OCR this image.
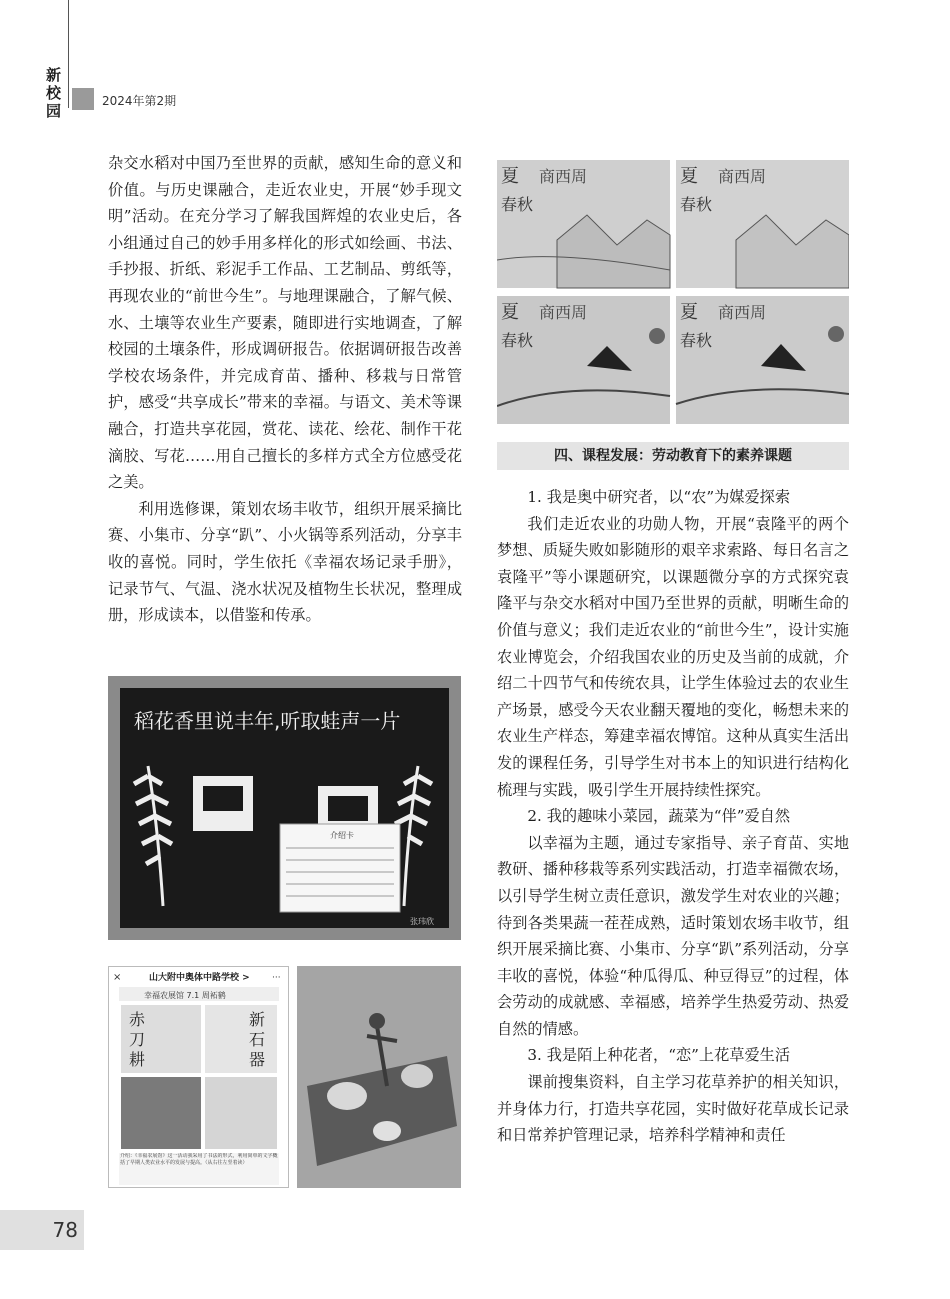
新
校
园
2024年第2期

杂交水稻对中国乃至世界的贡献，感知生命的意义和价值。与历史课融合，走近农业史，开展“妙手现文明”活动。在充分学习了解我国辉煌的农业史后，各小组通过自己的妙手用多样化的形式如绘画、书法、手抄报、折纸、彩泥手工作品、工艺制品、剪纸等，再现农业的“前世今生”。与地理课融合，了解气候、水、土壤等农业生产要素，随即进行实地调查，了解校园的土壤条件，形成调研报告。依据调研报告改善学校农场条件，并完成育苗、播种、移栽与日常管护，感受“共享成长”带来的幸福。与语文、美术等课融合，打造共享花园，赏花、读花、绘花、制作干花滴胶、写花……用自己擅长的多样方式全方位感受花之美。

利用选修课，策划农场丰收节，组织开展采摘比赛、小集市、分享“趴”、小火锅等系列活动，分享丰收的喜悦。同时，学生依托《幸福农场记录手册》，记录节气、气温、浇水状况及植物生长状况，整理成册，形成读本，以借鉴和传承。

夏 商西周
春秋
夏 商西周
春秋
夏 商西周
春秋
夏 商西周
春秋
四、课程发展：劳动教育下的素养课题

1. 我是奥中研究者，以“农”为媒爱探索

我们走近农业的功勋人物，开展“袁隆平的两个梦想、质疑失败如影随形的艰辛求索路、每日名言之袁隆平”等小课题研究，以课题微分享的方式探究袁隆平与杂交水稻对中国乃至世界的贡献，明晰生命的价值与意义；我们走近农业的“前世今生”，设计实施农业博览会，介绍我国农业的历史及当前的成就，介绍二十四节气和传统农具，让学生体验过去的农业生产场景，感受今天农业翻天覆地的变化，畅想未来的农业生产样态，筹建幸福农博馆。这种从真实生活出发的课程任务，引导学生对书本上的知识进行结构化梳理与实践，吸引学生开展持续性探究。

2. 我的趣味小菜园，蔬菜为“伴”爱自然

以幸福为主题，通过专家指导、亲子育苗、实地教研、播种移栽等系列实践活动，打造幸福微农场，以引导学生树立责任意识，激发学生对农业的兴趣；待到各类果蔬一茬茬成熟，适时策划农场丰收节，组织开展采摘比赛、小集市、分享“趴”系列活动，分享丰收的喜悦，体验“种瓜得瓜、种豆得豆”的过程，体会劳动的成就感、幸福感，培养学生热爱劳动、热爱自然的情感。

3. 我是陌上种花者，“恋”上花草爱生活

课前搜集资料，自主学习花草养护的相关知识，并身体力行，打造共享花园，实时做好花草成长记录和日常养护管理记录，培养科学精神和责任

稻花香里说丰年,听取蛙声一片
介绍卡
张玮欣
×	山大附中奥体中路学校 > ···
幸福农展馆 7.1 周袥鹤
赤
刀
耕
新
石
器
介绍：《幸福农展馆》这一活动我采用了书法的形式，利用简单的文字概括了早期人类农业水平的发展与提高。（从右往左竖着读）
78
